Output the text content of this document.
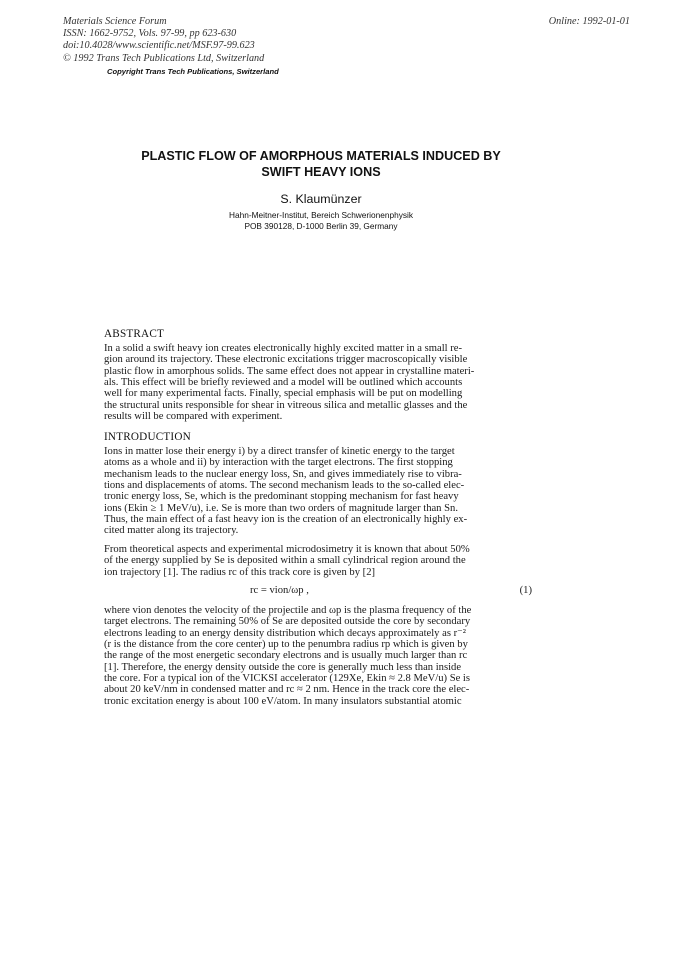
Materials Science Forum
ISSN: 1662-9752, Vols. 97-99, pp 623-630
doi:10.4028/www.scientific.net/MSF.97-99.623
© 1992 Trans Tech Publications Ltd, Switzerland
Online: 1992-01-01
Copyright Trans Tech Publications, Switzerland
PLASTIC FLOW OF AMORPHOUS MATERIALS INDUCED BY
SWIFT HEAVY IONS
S. Klaumünzer
Hahn-Meitner-Institut, Bereich Schwerionenphysik
POB 390128, D-1000 Berlin 39, Germany
ABSTRACT
In a solid a swift heavy ion creates electronically highly excited matter in a small re-
gion around its trajectory. These electronic excitations trigger macroscopically visible
plastic flow in amorphous solids. The same effect does not appear in crystalline materi-
als. This effect will be briefly reviewed and a model will be outlined which accounts
well for many experimental facts. Finally, special emphasis will be put on modelling
the structural units responsible for shear in vitreous silica and metallic glasses and the
results will be compared with experiment.
INTRODUCTION
Ions in matter lose their energy i) by a direct transfer of kinetic energy to the target
atoms as a whole and ii) by interaction with the target electrons. The first stopping
mechanism leads to the nuclear energy loss, Sn, and gives immediately rise to vibra-
tions and displacements of atoms. The second mechanism leads to the so-called elec-
tronic energy loss, Se, which is the predominant stopping mechanism for fast heavy
ions (Ekin ≥ 1 MeV/u), i.e. Se is more than two orders of magnitude larger than Sn.
Thus, the main effect of a fast heavy ion is the creation of an electronically highly ex-
cited matter along its trajectory.
From theoretical aspects and experimental microdosimetry it is known that about 50%
of the energy supplied by Se is deposited within a small cylindrical region around the
ion trajectory [1]. The radius rc of this track core is given by [2]
rc = vion/ωp ,	(1)
where vion denotes the velocity of the projectile and ωp is the plasma frequency of the
target electrons. The remaining 50% of Se are deposited outside the core by secondary
electrons leading to an energy density distribution which decays approximately as r⁻²
(r is the distance from the core center) up to the penumbra radius rp which is given by
the range of the most energetic secondary electrons and is usually much larger than rc
[1]. Therefore, the energy density outside the core is generally much less than inside
the core. For a typical ion of the VICKSI accelerator (129Xe, Ekin ≈ 2.8 MeV/u) Se is
about 20 keV/nm in condensed matter and rc ≈ 2 nm. Hence in the track core the elec-
tronic excitation energy is about 100 eV/atom. In many insulators substantial atomic
